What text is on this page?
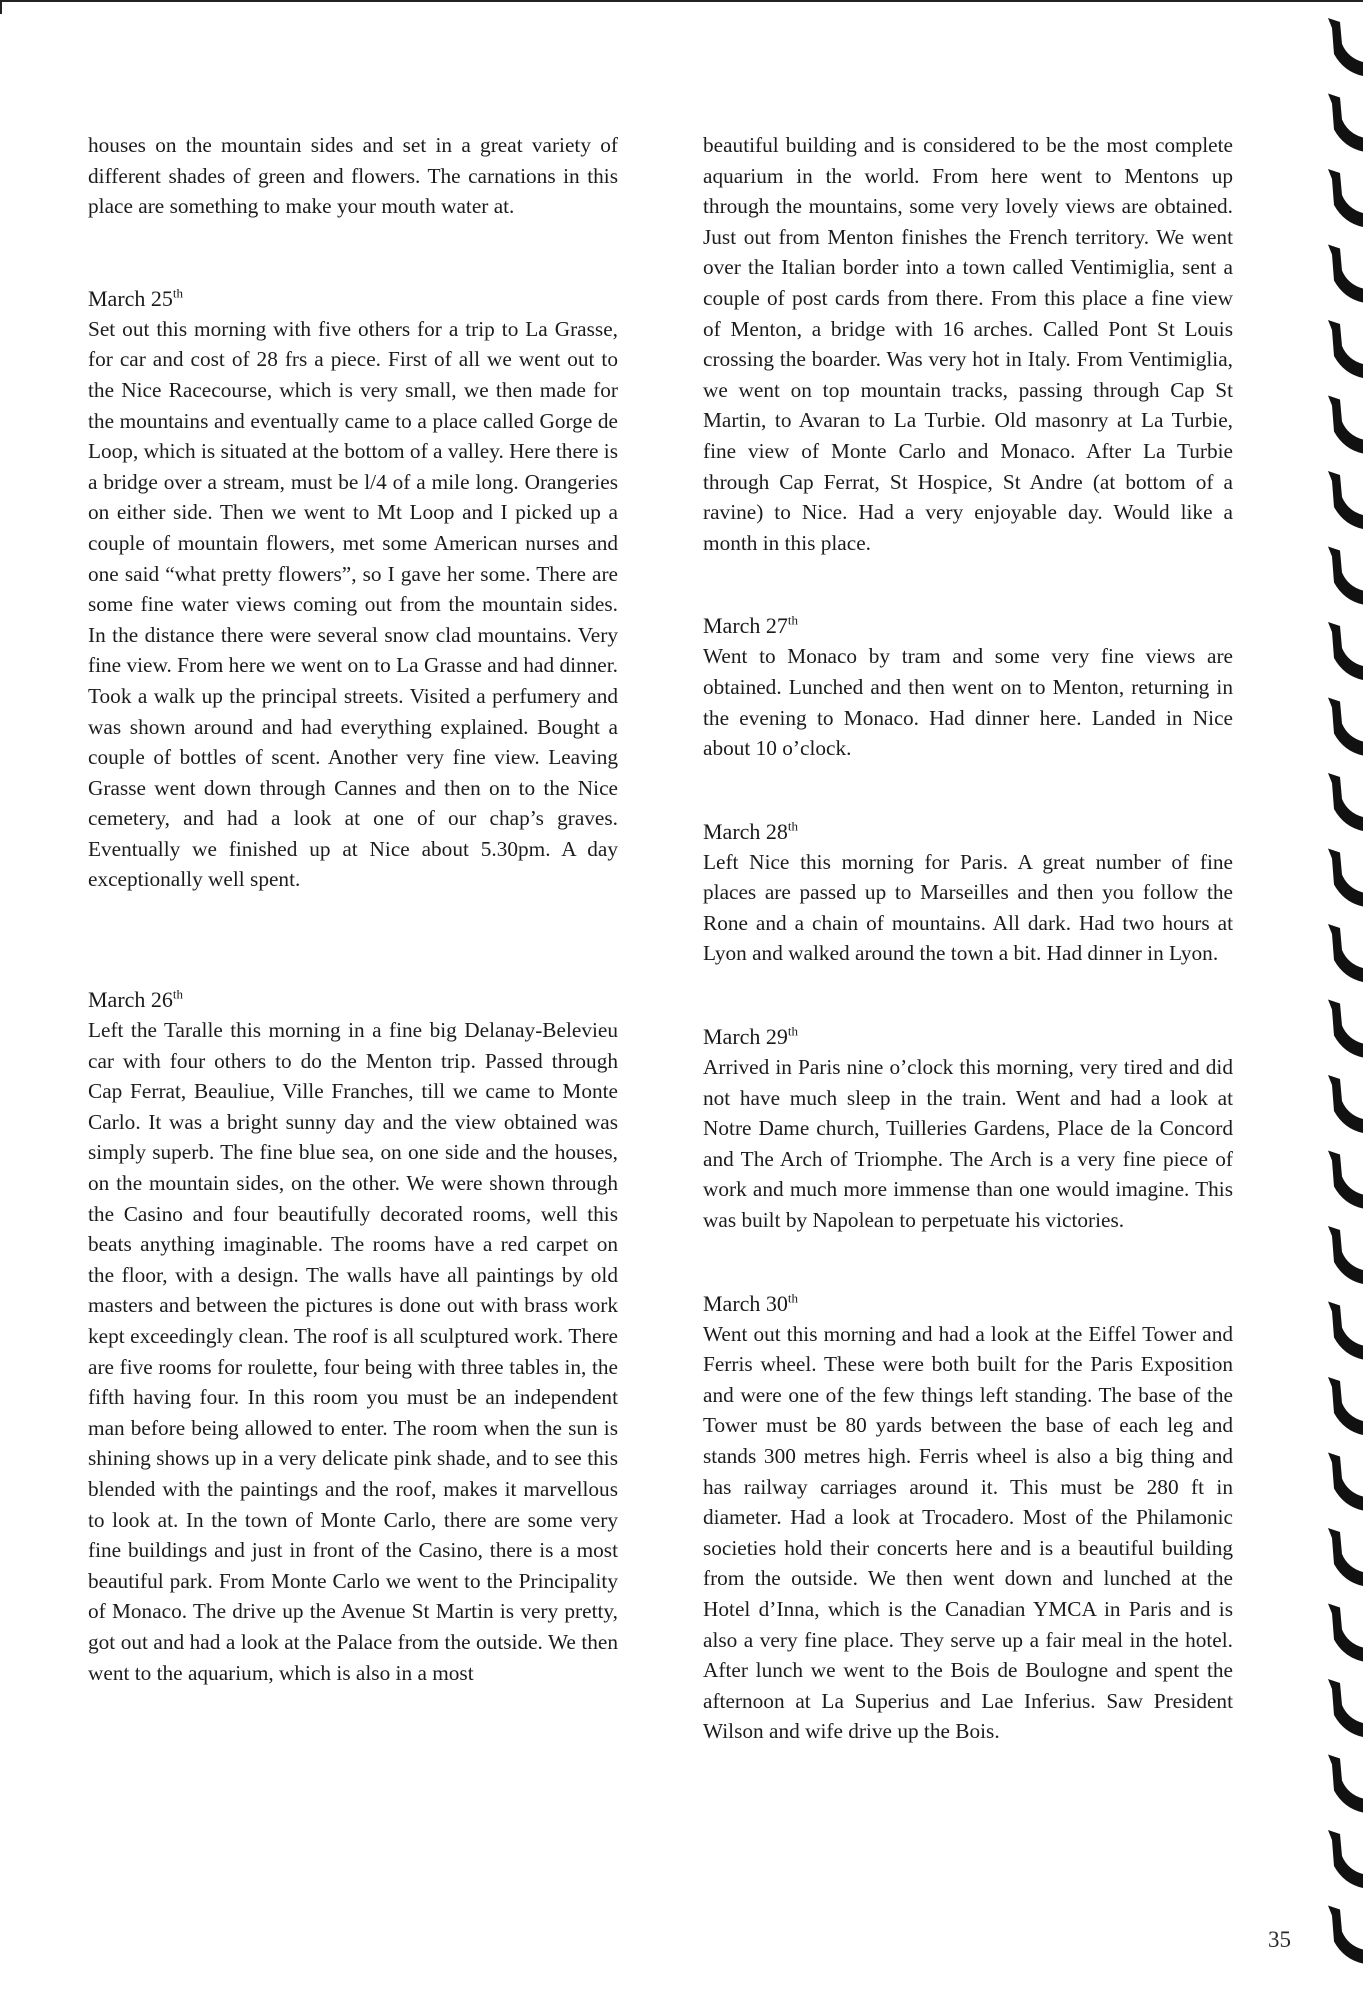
houses on the mountain sides and set in a great variety of different shades of green and flowers. The carnations in this place are something to make your mouth water at.

March 25th

Set out this morning with five others for a trip to La Grasse, for car and cost of 28 frs a piece. First of all we went out to the Nice Racecourse, which is very small, we then made for the mountains and eventually came to a place called Gorge de Loop, which is situated at the bottom of a valley. Here there is a bridge over a stream, must be l/4 of a mile long. Orangeries on either side. Then we went to Mt Loop and I picked up a couple of mountain flowers, met some American nurses and one said “what pretty flowers”, so I gave her some. There are some fine water views coming out from the mountain sides. In the distance there were several snow clad mountains. Very fine view. From here we went on to La Grasse and had dinner. Took a walk up the principal streets. Visited a perfumery and was shown around and had everything explained. Bought a couple of bottles of scent. Another very fine view. Leaving Grasse went down through Cannes and then on to the Nice cemetery, and had a look at one of our chap’s graves. Eventually we finished up at Nice about 5.30pm. A day exceptionally well spent.

March 26th

Left the Taralle this morning in a fine big Delanay-Belevieu car with four others to do the Menton trip. Passed through Cap Ferrat, Beauliue, Ville Franches, till we came to Monte Carlo. It was a bright sunny day and the view obtained was simply superb. The fine blue sea, on one side and the houses, on the mountain sides, on the other. We were shown through the Casino and four beautifully decorated rooms, well this beats anything imaginable. The rooms have a red carpet on the floor, with a design. The walls have all paintings by old masters and between the pictures is done out with brass work kept exceedingly clean. The roof is all sculptured work. There are five rooms for roulette, four being with three tables in, the fifth having four. In this room you must be an independent man before being allowed to enter. The room when the sun is shining shows up in a very delicate pink shade, and to see this blended with the paintings and the roof, makes it marvellous to look at. In the town of Monte Carlo, there are some very fine buildings and just in front of the Casino, there is a most beautiful park. From Monte Carlo we went to the Principality of Monaco. The drive up the Avenue St Martin is very pretty, got out and had a look at the Palace from the outside. We then went to the aquarium, which is also in a most

beautiful building and is considered to be the most complete aquarium in the world. From here went to Mentons up through the mountains, some very lovely views are obtained. Just out from Menton finishes the French territory. We went over the Italian border into a town called Ventimiglia, sent a couple of post cards from there. From this place a fine view of Menton, a bridge with 16 arches. Called Pont St Louis crossing the boarder. Was very hot in Italy. From Ventimiglia, we went on top mountain tracks, passing through Cap St Martin, to Avaran to La Turbie. Old masonry at La Turbie, fine view of Monte Carlo and Monaco. After La Turbie through Cap Ferrat, St Hospice, St Andre (at bottom of a ravine) to Nice. Had a very enjoyable day. Would like a month in this place.

March 27th

Went to Monaco by tram and some very fine views are obtained. Lunched and then went on to Menton, returning in the evening to Monaco. Had dinner here. Landed in Nice about 10 o’clock.

March 28th

Left Nice this morning for Paris. A great number of fine places are passed up to Marseilles and then you follow the Rone and a chain of mountains. All dark. Had two hours at Lyon and walked around the town a bit. Had dinner in Lyon.

March 29th

Arrived in Paris nine o’clock this morning, very tired and did not have much sleep in the train. Went and had a look at Notre Dame church, Tuilleries Gardens, Place de la Concord and The Arch of Triomphe. The Arch is a very fine piece of work and much more immense than one would imagine. This was built by Napolean to perpetuate his victories.

March 30th

Went out this morning and had a look at the Eiffel Tower and Ferris wheel. These were both built for the Paris Exposition and were one of the few things left standing. The base of the Tower must be 80 yards between the base of each leg and stands 300 metres high. Ferris wheel is also a big thing and has railway carriages around it. This must be 280 ft in diameter. Had a look at Trocadero. Most of the Philamonic societies hold their concerts here and is a beautiful building from the outside. We then went down and lunched at the Hotel d’Inna, which is the Canadian YMCA in Paris and is also a very fine place. They serve up a fair meal in the hotel. After lunch we went to the Bois de Boulogne and spent the afternoon at La Superius and Lae Inferius. Saw President Wilson and wife drive up the Bois.

35
